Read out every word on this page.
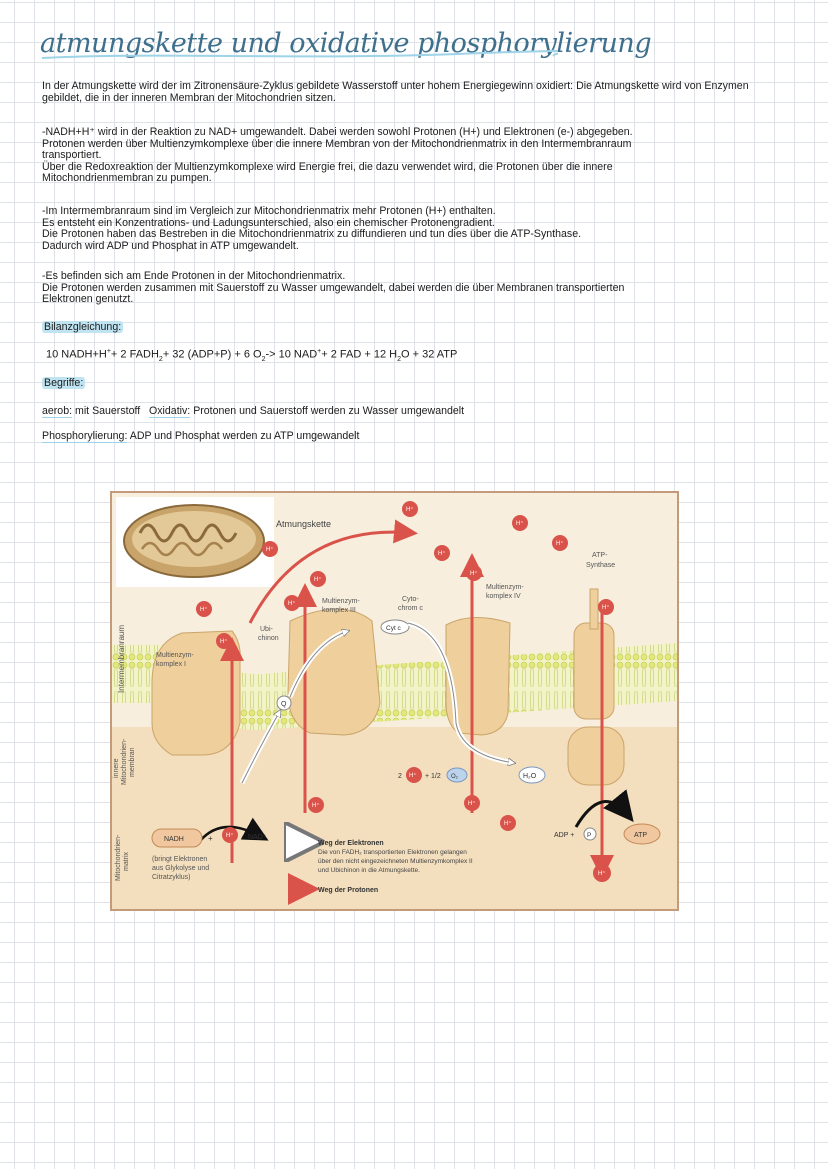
atmungskette und oxidative phosphorylierung
In der Atmungskette wird der im Zitronensäure-Zyklus gebildete Wasserstoff unter hohem Energiegewinn oxidiert: Die Atmungskette wird von Enzymen
gebildet, die in der inneren Membran der Mitochondrien sitzen.
-NADH+H⁺ wird in der Reaktion zu NAD+ umgewandelt. Dabei werden sowohl Protonen (H+) und Elektronen (e-) abgegeben.
Protonen werden über Multienzymkomplexe über die innere Membran von der Mitochondrienmatrix in den Intermembranraum
transportiert.
Über die Redoxreaktion der Multienzymkomplexe wird Energie frei, die dazu verwendet wird, die Protonen über die innere
Mitochondrienmembran zu pumpen.
-Im Intermembranraum sind im Vergleich zur Mitochondrienmatrix mehr Protonen (H+) enthalten.
Es entsteht ein Konzentrations- und Ladungsunterschied, also ein chemischer Protonengradient.
Die Protonen haben das Bestreben in die Mitochondrienmatrix zu diffundieren und tun dies über die ATP-Synthase.
Dadurch wird ADP und Phosphat in ATP umgewandelt.
-Es befinden sich am Ende Protonen in der Mitochondrienmatrix.
Die Protonen werden zusammen mit Sauerstoff zu Wasser umgewandelt, dabei werden die über Membranen transportierten
Elektronen genutzt.
Bilanzgleichung:
10 NADH+H++ 2 $FADH_2+ 32$ (ADP+P) + 6 $O_2-> 10$ NAD++ 2 FAD + 12 $H_2O + 32$ ATP
Begriffe:
aerob: mit Sauerstoff Oxidativ: Protonen und Sauerstoff werden zu Wasser umgewandelt
Phosphorylierung: ADP und Phosphat werden zu ATP umgewandelt
Intermembranraum
innere Mitochondrien- membran
Mitochondrien- matrix
Atmungskette
Multienzym-
komplex I
Multienzym-
komplex III
Multienzym-
komplex IV
ATP-
Synthase
Ubi-
chinon
Q
Cyto-
chrom c
Cyt c
H⁺
H⁺
H⁺
H⁺
H⁺
H⁺
H⁺
H⁺
H⁺
H⁺
H⁺
H⁺	H⁺
H⁺
H⁺
H⁺
2 H⁺ + 1/2 O₂	H₂O
NADH	+	NAD⁺
(bringt Elektronen
aus Glykolyse und
Citratzyklus)
ADP + P	ATP
Weg der Elektronen
Die von FADH₂ transportierten Elektronen gelangen
über den nicht eingezeichneten Multienzymkomplex II
und Ubichinon in die Atmungskette.
Weg der Protonen
